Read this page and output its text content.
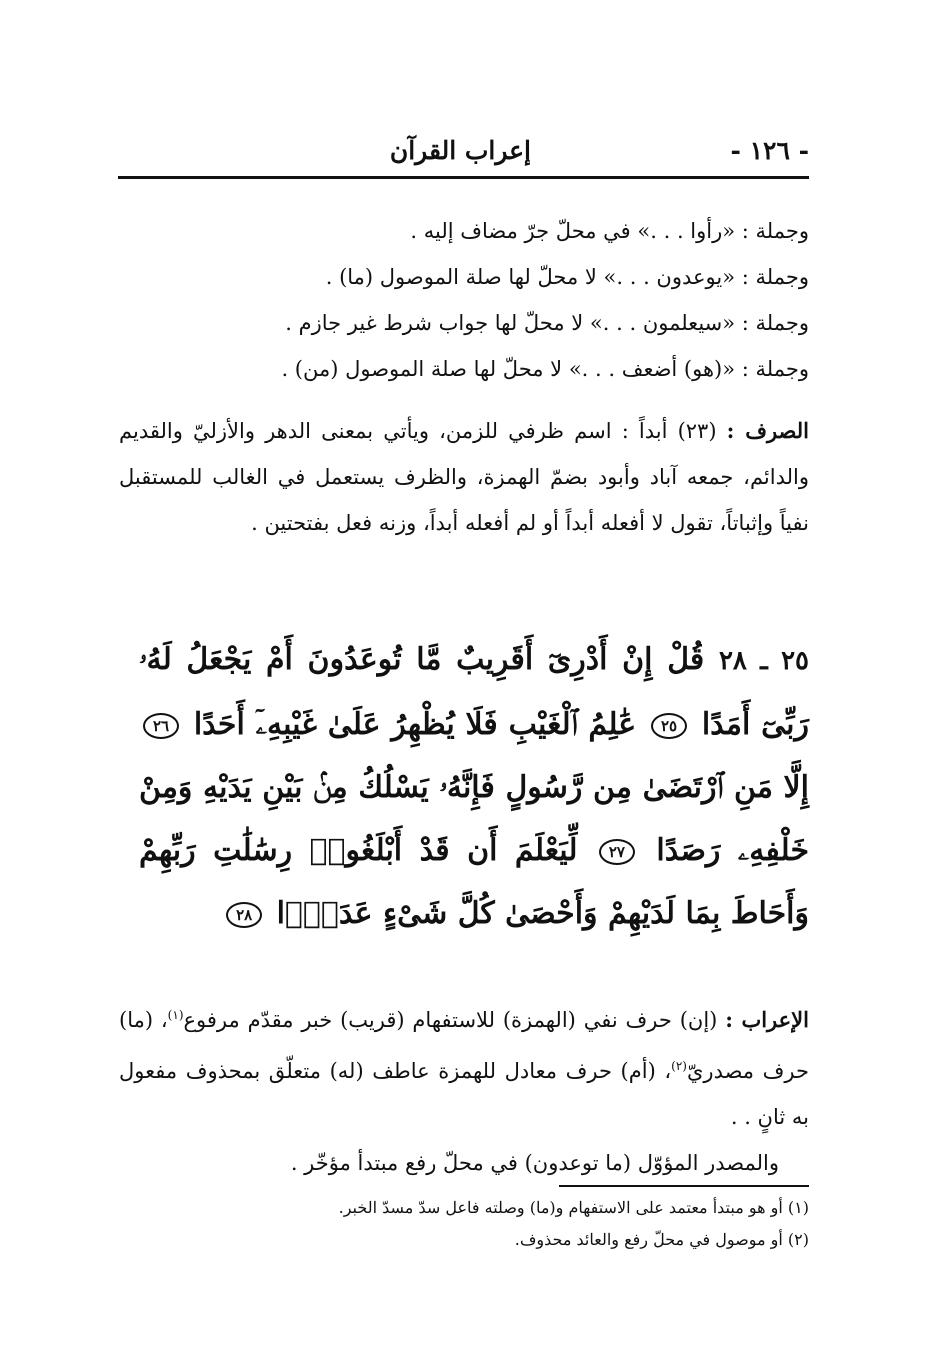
- ١٢٦ -
إعراب القرآن
وجملة : «رأوا . . .» في محلّ جرّ مضاف إليه .
وجملة : «يوعدون . . .» لا محلّ لها صلة الموصول (ما) .
وجملة : «سيعلمون . . .» لا محلّ لها جواب شرط غير جازم .
وجملة : «(هو) أضعف . . .» لا محلّ لها صلة الموصول (من) .
الصرف : (٢٣) أبداً : اسم ظرفي للزمن، ويأتي بمعنى الدهر والأزليّ والقديم والدائم، جمعه آباد وأبود بضمّ الهمزة، والظرف يستعمل في الغالب للمستقبل نفياً وإثباتاً، تقول لا أفعله أبداً أو لم أفعله أبداً، وزنه فعل بفتحتين .
٢٥ ـ ٢٨ قُلْ إِنْ أَدْرِىٓ أَقَرِيبٌ مَّا تُوعَدُونَ أَمْ يَجْعَلُ لَهُۥ رَبِّىٓ أَمَدًا ٢٥ عَٰلِمُ ٱلْغَيْبِ فَلَا يُظْهِرُ عَلَىٰ غَيْبِهِۦٓ أَحَدًا ٢٦ إِلَّا مَنِ ٱرْتَضَىٰ مِن رَّسُولٍ فَإِنَّهُۥ يَسْلُكُ مِنۢ بَيْنِ يَدَيْهِ وَمِنْ خَلْفِهِۦ رَصَدًا ٢٧ لِّيَعْلَمَ أَن قَدْ أَبْلَغُوا۟ رِسَٰلَٰتِ رَبِّهِمْ وَأَحَاطَ بِمَا لَدَيْهِمْ وَأَحْصَىٰ كُلَّ شَىْءٍ عَدَدًۢا ٢٨
الإعراب : (إن) حرف نفي (الهمزة) للاستفهام (قريب) خبر مقدّم مرفوع$^{(١)}$، (ما) حرف مصدريّ$^{(٢)}$، (أم) حرف معادل للهمزة عاطف (له) متعلّق بمحذوف مفعول به ثانٍ . .
والمصدر المؤوّل (ما توعدون) في محلّ رفع مبتدأ مؤخّر .
(١) أو هو مبتدأ معتمد على الاستفهام و(ما) وصلته فاعل سدّ مسدّ الخبر.
(٢) أو موصول في محلّ رفع والعائد محذوف.
